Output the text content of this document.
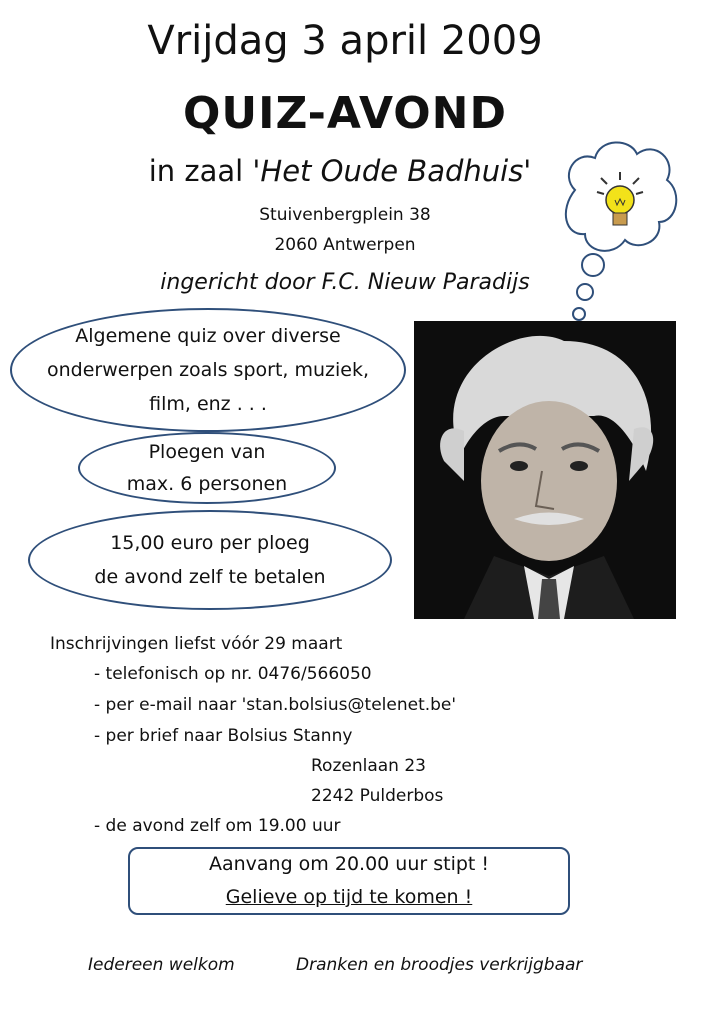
Vrijdag 3 april 2009
QUIZ-AVOND
in zaal 'Het Oude Badhuis'
Stuivenbergplein 38
2060 Antwerpen
ingericht door F.C. Nieuw Paradijs
Algemene quiz over diverse
onderwerpen zoals sport, muziek,
film, enz . . .
Ploegen van
max. 6 personen
15,00 euro per ploeg
de avond zelf te betalen
Inschrijvingen liefst vóór 29 maart
- telefonisch op nr. 0476/566050
- per e-mail naar 'stan.bolsius@telenet.be'
- per brief naar Bolsius Stanny
Rozenlaan 23
2242 Pulderbos
- de avond zelf om 19.00 uur
Aanvang om 20.00 uur stipt !
Gelieve op tijd te komen !
Iedereen welkom	Dranken en broodjes verkrijgbaar
